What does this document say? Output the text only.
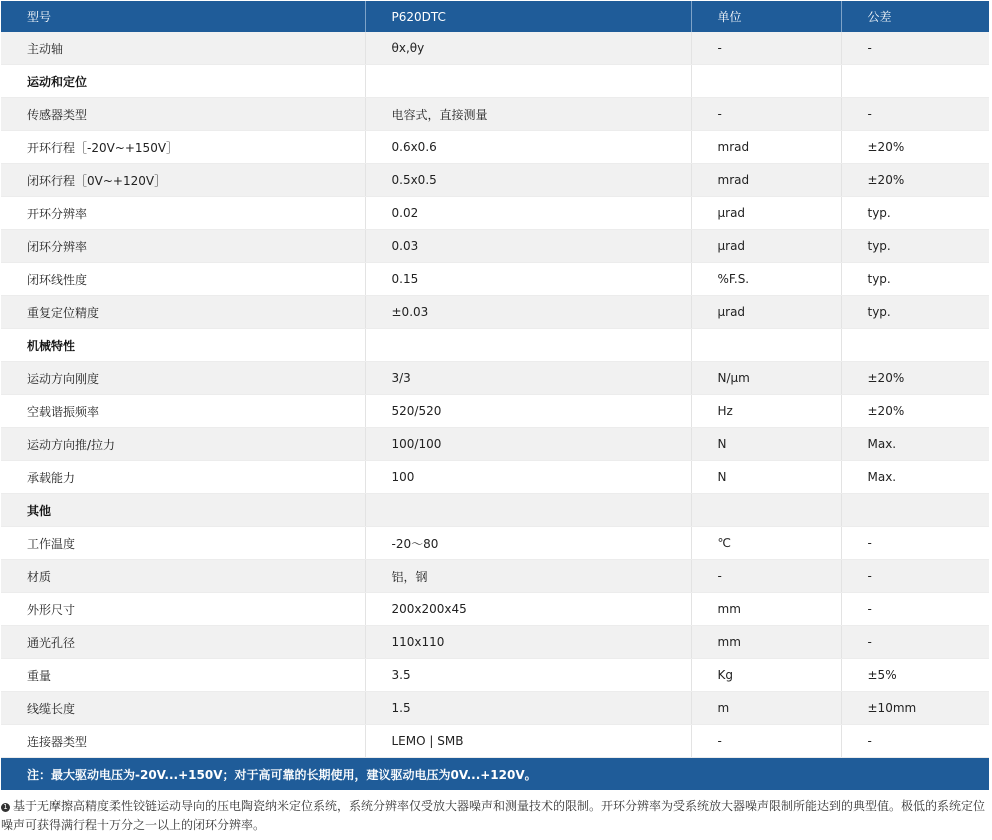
型号	P620DTC	单位	公差
主动轴	θx,θy	-	-
运动和定位			
传感器类型	电容式，直接测量	-	-
开环行程［-20V~+150V］	0.6x0.6	mrad	±20%
闭环行程［0V~+120V］	0.5x0.5	mrad	±20%
开环分辨率	0.02	μrad	typ.
闭环分辨率	0.03	μrad	typ.
闭环线性度	0.15	%F.S.	typ.
重复定位精度	±0.03	μrad	typ.
机械特性			
运动方向刚度	3/3	N/μm	±20%
空载谐振频率	520/520	Hz	±20%
运动方向推/拉力	100/100	N	Max.
承载能力	100	N	Max.
其他			
工作温度	-20～80	℃	-
材质	铝，钢	-	-
外形尺寸	200x200x45	mm	-
通光孔径	110x110	mm	-
重量	3.5	Kg	±5%
线缆长度	1.5	m	±10mm
连接器类型	LEMO | SMB	-	-
注：最大驱动电压为-20V...+150V；对于高可靠的长期使用，建议驱动电压为0V...+120V。			
1 基于无摩擦高精度柔性铰链运动导向的压电陶瓷纳米定位系统，系统分辨率仅受放大器噪声和测量技术的限制。开环分辨率为受系统放大器噪声限制所能达到的典型值。极低的系统定位噪声可获得满行程十万分之一以上的闭环分辨率。
